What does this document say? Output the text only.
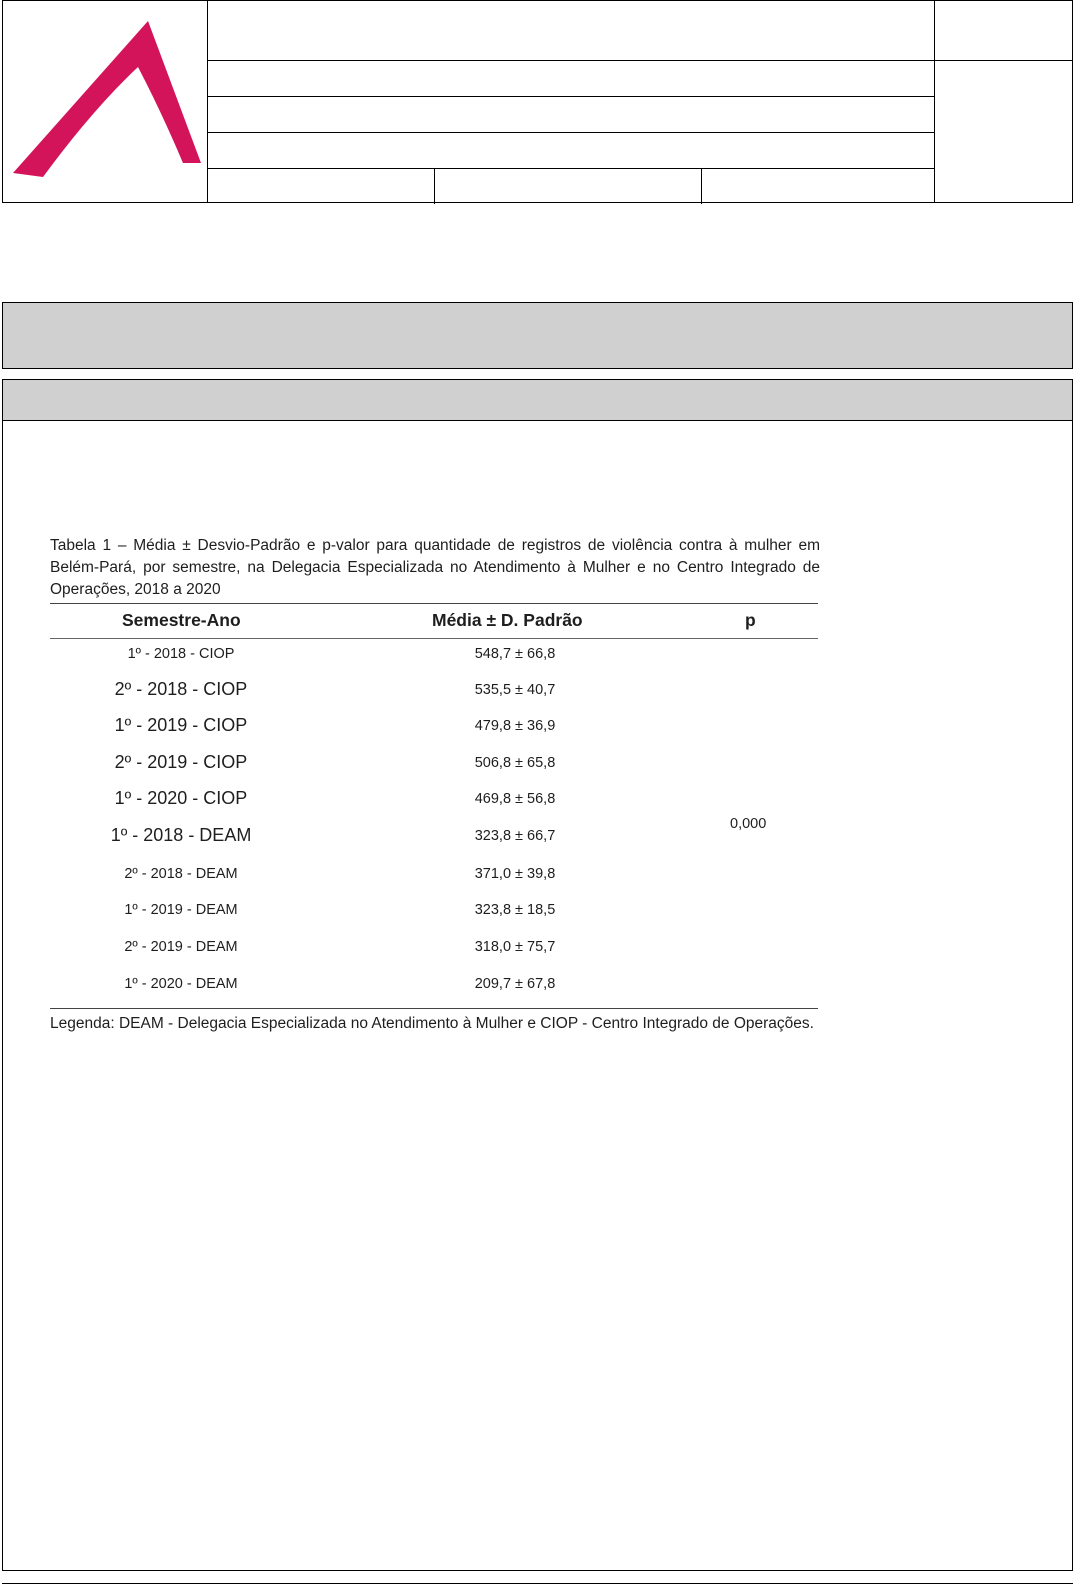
Tabela 1 – Média ± Desvio-Padrão e p-valor para quantidade de registros de violência contra à mulher em Belém-Pará, por semestre, na Delegacia Especializada no Atendimento à Mulher e no Centro Integrado de Operações, 2018 a 2020

Semestre-Ano	Média ± D. Padrão	p
1º - 2018 - CIOP	548,7 ± 66,8
2º - 2018 - CIOP	535,5 ± 40,7
1º - 2019 - CIOP	479,8 ± 36,9
2º - 2019 - CIOP	506,8 ± 65,8
1º - 2020 - CIOP	469,8 ± 56,8
1º - 2018 - DEAM	323,8 ± 66,7
2º - 2018 - DEAM	371,0 ± 39,8
1º - 2019 - DEAM	323,8 ± 18,5
2º - 2019 - DEAM	318,0 ± 75,7
1º - 2020 - DEAM	209,7 ± 67,8
0,000

Legenda: DEAM - Delegacia Especializada no Atendimento à Mulher e CIOP - Centro Integrado de Operações.
